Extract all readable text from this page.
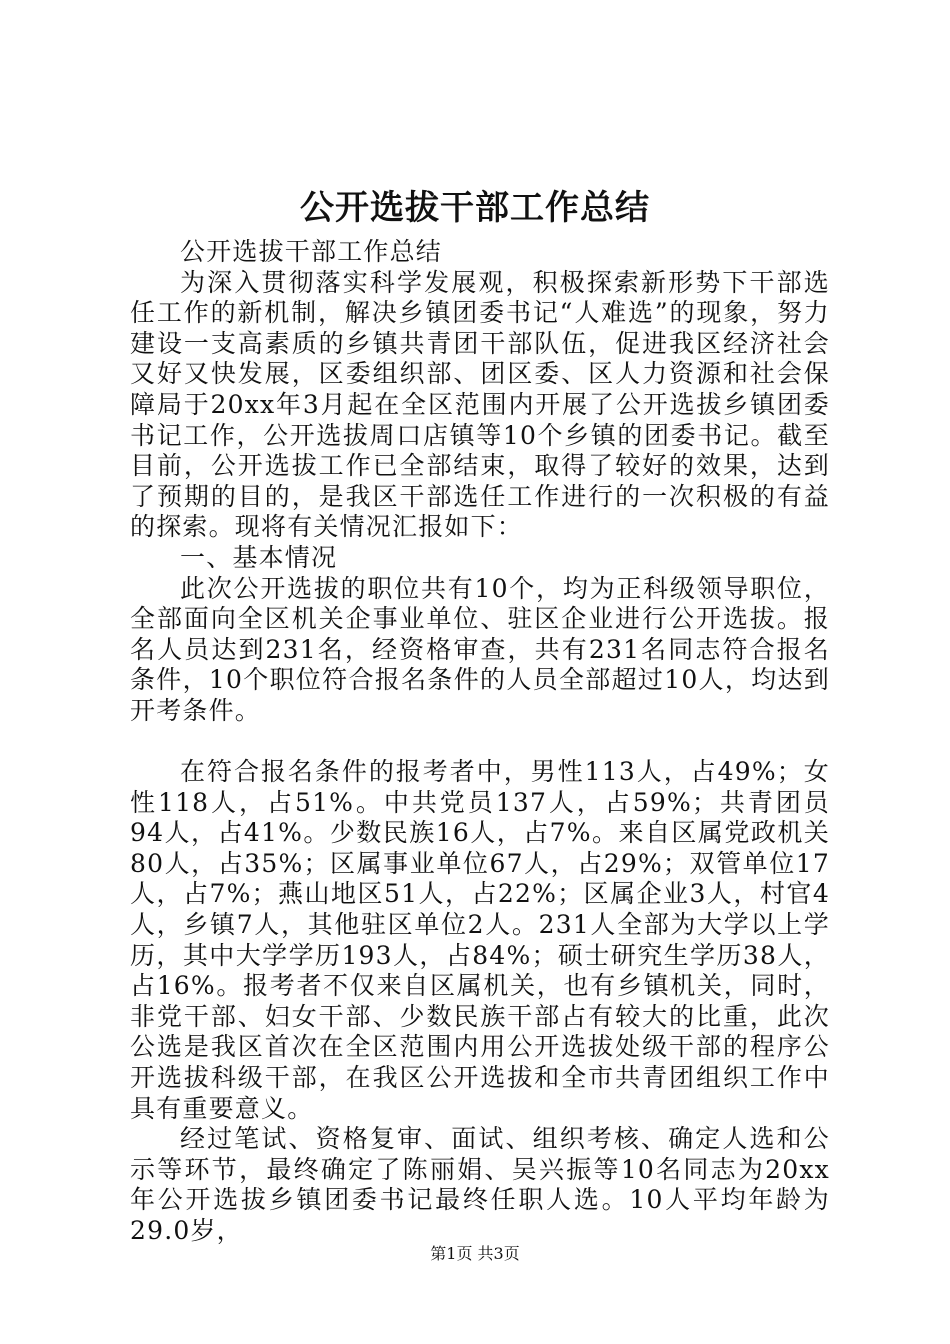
公开选拔干部工作总结

公开选拔干部工作总结

为深入贯彻落实科学发展观，积极探索新形势下干部选任工作的新机制，解决乡镇团委书记“人难选”的现象，努力建设一支高素质的乡镇共青团干部队伍，促进我区经济社会又好又快发展，区委组织部、团区委、区人力资源和社会保障局于20xx年3月起在全区范围内开展了公开选拔乡镇团委书记工作，公开选拔周口店镇等10个乡镇的团委书记。截至目前，公开选拔工作已全部结束，取得了较好的效果，达到了预期的目的，是我区干部选任工作进行的一次积极的有益的探索。现将有关情况汇报如下：

一、基本情况

此次公开选拔的职位共有10个，均为正科级领导职位，全部面向全区机关企事业单位、驻区企业进行公开选拔。报名人员达到231名，经资格审查，共有231名同志符合报名条件，10个职位符合报名条件的人员全部超过10人，均达到开考条件。

在符合报名条件的报考者中，男性113人，占49%；女性118人，占51%。中共党员137人，占59%；共青团员94人，占41%。少数民族16人，占7%。来自区属党政机关80人，占35%；区属事业单位67人，占29%；双管单位17人，占7%；燕山地区51人，占22%；区属企业3人，村官4人，乡镇7人，其他驻区单位2人。231人全部为大学以上学历，其中大学学历193人，占84%；硕士研究生学历38人，占16%。报考者不仅来自区属机关，也有乡镇机关，同时，非党干部、妇女干部、少数民族干部占有较大的比重，此次公选是我区首次在全区范围内用公开选拔处级干部的程序公开选拔科级干部，在我区公开选拔和全市共青团组织工作中具有重要意义。

经过笔试、资格复审、面试、组织考核、确定人选和公示等环节，最终确定了陈丽娟、吴兴振等10名同志为20xx年公开选拔乡镇团委书记最终任职人选。10人平均年龄为29.0岁，

第1页 共3页
